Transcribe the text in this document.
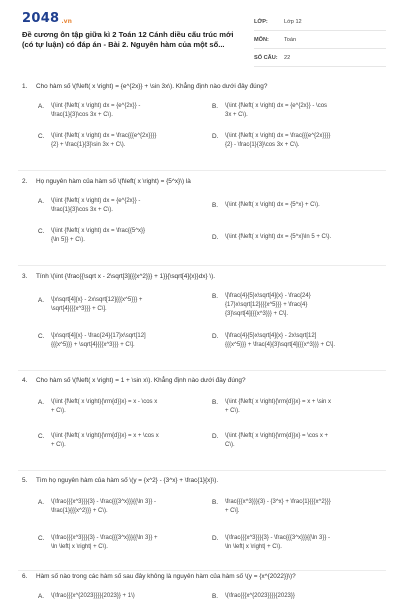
2048 .vn
Đề cương ôn tập giữa kì 2 Toán 12 Cánh diều cấu trúc mới
(có tự luận) có đáp án - Bài 2. Nguyên hàm của một số...
LỚP:	Lớp 12
MÔN:	Toán
SỐ CÂU:	22
1. Cho hàm số \(f\left( x \right) = {e^{2x}} + \sin 3x\). Khẳng định nào dưới đây đúng?
A. \(\int {f\left( x \right) dx = {e^{2x}} -
\frac{1}{3}\cos 3x + C\).
B. \(\int {f\left( x \right) dx = {e^{2x}} - \cos
3x + C\).
C. \(\int {f\left( x \right) dx = \frac{{{e^{2x}}}}
{2} + \frac{1}{3}\sin 3x + C\).
D. \(\int {f\left( x \right) dx = \frac{{{e^{2x}}}}
{2} - \frac{1}{3}\cos 3x + C\).
2. Họ nguyên hàm của hàm số \(f\left( x \right) = {5^x}\) là
A. \(\int {f\left( x \right) dx = {e^{2x}} -
\frac{1}{3}\cos 3x + C\).
B. \(\int {f\left( x \right) dx = {5^x} + C\).
C. \(\int {f\left( x \right) dx = \frac{{5^x}}
{\ln 5}} + C\).	D. \(\int {f\left( x \right) dx = {5^x}\ln 5 + C\).
3. Tính \(\int {\frac{{\sqrt x - 2\sqrt[3]{{{x^2}}} + 1}}{\sqrt[4]{x}}dx} \).
A. \[x\sqrt[4]{x} - 2x\sqrt[12]{{{x^5}}} +
\sqrt[4]{{{x^3}}} + C\].
B. \[\frac{4}{5}x\sqrt[4]{x} - \frac{24}
{17}x\sqrt[12]{{{x^5}}} + \frac{4}
{3}\sqrt[4]{{{x^3}}} + C\].
C. \[x\sqrt[4]{x} - \frac{24}{17}x\sqrt[12]
{{{x^5}}} + \sqrt[4]{{{x^3}}} + C\].
D. \[\frac{4}{5}x\sqrt[4]{x} - 2x\sqrt[12]
{{{x^5}}} + \frac{4}{3}\sqrt[4]{{{x^3}}} + C\].
4. Cho hàm số \(f\left( x \right) = 1 + \sin x\). Khẳng định nào dưới đây đúng?
A. \(\int {f\left( x \right){\rm{d}}x} = x - \cos x
+ C\).
B. \(\int {f\left( x \right){\rm{d}}x} = x + \sin x
+ C\).
C. \(\int {f\left( x \right){\rm{d}}x} = x + \cos x
+ C\).
D. \(\int {f\left( x \right){\rm{d}}x} = \cos x +
C\).
5. Tìm họ nguyên hàm của hàm số \(y = {x^2} - {3^x} + \frac{1}{x}\).
A. \(\frac{{{x^3}}}{3} - \frac{{{3^x}}}{{\ln 3}} -
\frac{1}{{{x^2}}} + C\).
B. \frac{{{x^3}}}{3} - {3^x} + \frac{1}{{{x^2}}}
+ C\].
C. \(\frac{{{x^3}}}{3} - \frac{{{3^x}}}{{\ln 3}} +
\ln \left| x \right| + C\).
D. \(\frac{{{x^3}}}{3} - \frac{{{3^x}}}{{\ln 3}} -
\ln \left| x \right| + C\).
6. Hàm số nào trong các hàm số sau đây không là nguyên hàm của hàm số \(y = {x^{2022}}\)?
A. \(\frac{{{x^{2023}}}}{2023}} + 1\)	B. \(\frac{{{x^{2023}}}}{2023}}
